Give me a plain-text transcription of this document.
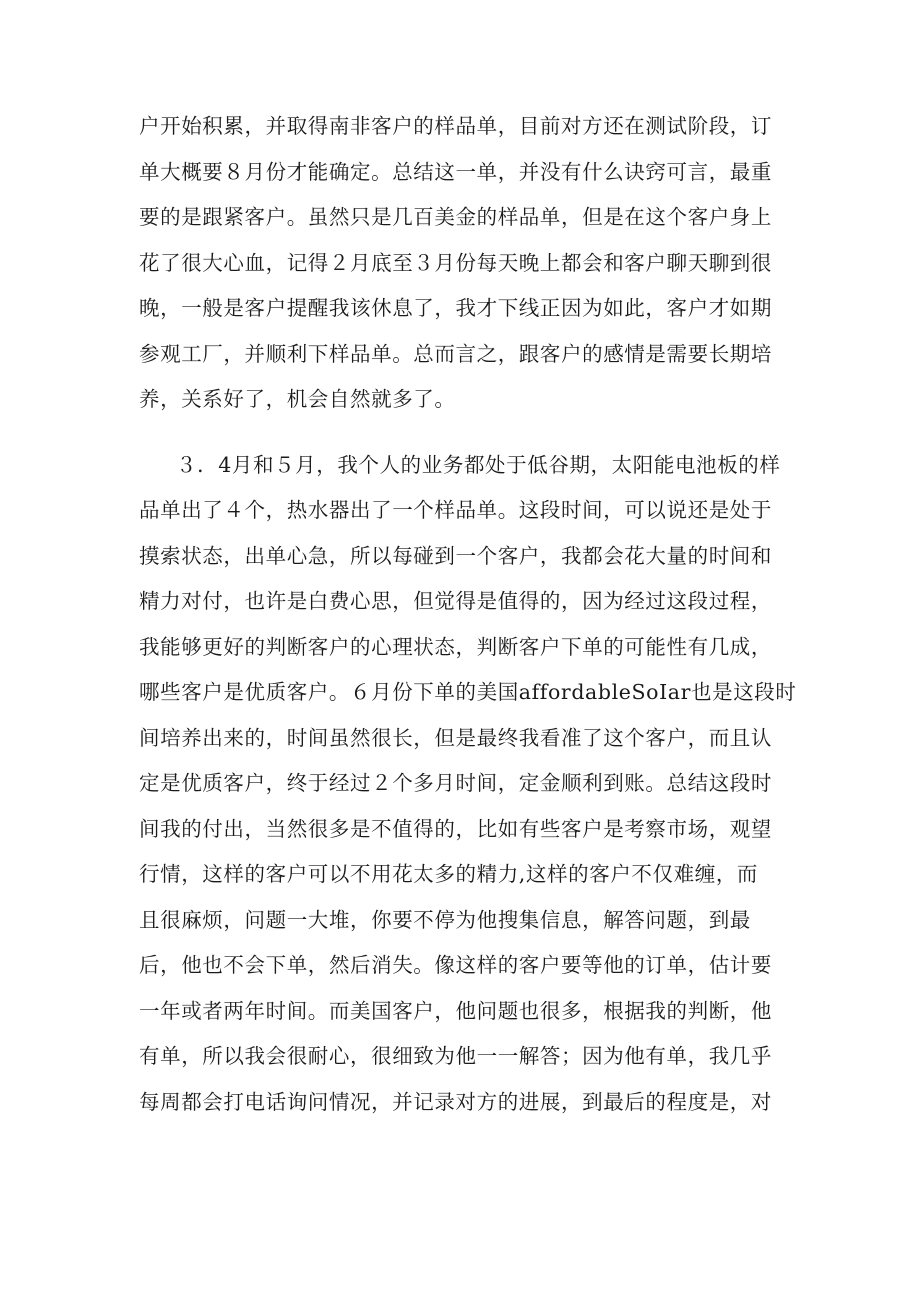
户开始积累，并取得南非客户的样品单，目前对方还在测试阶段，订
单大概要８月份才能确定。总结这一单，并没有什么诀窍可言，最重
要的是跟紧客户。虽然只是几百美金的样品单，但是在这个客户身上
花了很大心血，记得２月底至３月份每天晚上都会和客户聊天聊到很
晚，一般是客户提醒我该休息了，我才下线正因为如此，客户才如期
参观工厂，并顺利下样品单。总而言之，跟客户的感情是需要长期培
养，关系好了，机会自然就多了。
３．4月和５月，我个人的业务都处于低谷期，太阳能电池板的样
品单出了４个，热水器出了一个样品单。这段时间，可以说还是处于
摸索状态，出单心急，所以每碰到一个客户，我都会花大量的时间和
精力对付，也许是白费心思，但觉得是值得的，因为经过这段过程，
我能够更好的判断客户的心理状态，判断客户下单的可能性有几成，
哪些客户是优质客户。６月份下单的美国affordableSoIar也是这段时
间培养出来的，时间虽然很长，但是最终我看准了这个客户，而且认
定是优质客户，终于经过２个多月时间，定金顺利到账。总结这段时
间我的付出，当然很多是不值得的，比如有些客户是考察市场，观望
行情，这样的客户可以不用花太多的精力,这样的客户不仅难缠，而
且很麻烦，问题一大堆，你要不停为他搜集信息，解答问题，到最
后，他也不会下单，然后消失。像这样的客户要等他的订单，估计要
一年或者两年时间。而美国客户，他问题也很多，根据我的判断，他
有单，所以我会很耐心，很细致为他一一解答；因为他有单，我几乎
每周都会打电话询问情况，并记录对方的进展，到最后的程度是，对
